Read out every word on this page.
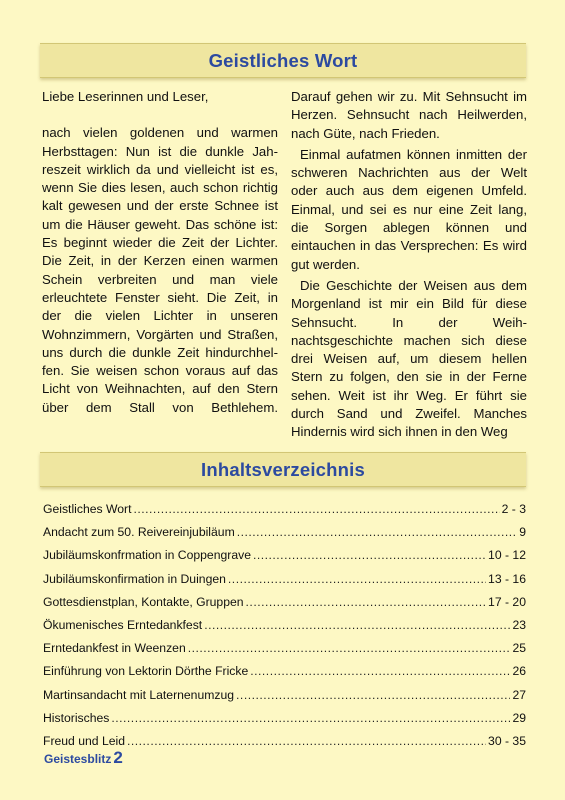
Geistliches Wort

Liebe Leserinnen und Leser,

nach vielen goldenen und warmen Herbsttagen: Nun ist die dunkle Jahreszeit wirklich da und vielleicht ist es, wenn Sie dies lesen, auch schon richtig kalt gewesen und der erste Schnee ist um die Häuser geweht. Das schöne ist: Es beginnt wieder die Zeit der Lichter. Die Zeit, in der Kerzen einen warmen Schein verbreiten und man viele erleuchtete Fenster sieht. Die Zeit, in der die vielen Lichter in unseren Wohnzimmern, Vorgärten und Straßen, uns durch die dunkle Zeit hindurchhelfen. Sie weisen schon voraus auf das Licht von Weihnachten, auf den Stern über dem Stall von Bethlehem.

Darauf gehen wir zu. Mit Sehnsucht im Herzen. Sehnsucht nach Heilwerden, nach Güte, nach Frieden.

Einmal aufatmen können inmitten der schweren Nachrichten aus der Welt oder auch aus dem eigenen Umfeld. Einmal, und sei es nur eine Zeit lang, die Sorgen ablegen können und eintauchen in das Versprechen: Es wird gut werden.

Die Geschichte der Weisen aus dem Morgenland ist mir ein Bild für diese Sehnsucht. In der Weihnachtsgeschichte machen sich diese drei Weisen auf, um diesem hellen Stern zu folgen, den sie in der Ferne sehen. Weit ist ihr Weg. Er führt sie durch Sand und Zweifel. Manches Hindernis wird sich ihnen in den Weg

Inhaltsverzeichnis
Geistliches Wort .....	2 - 3
Andacht zum 50. Reivereinjubiläum .....	9
Jubiläumskonfrmation in Coppengrave .....	10 - 12
Jubiläumskonfirmation in Duingen .....	13 - 16
Gottesdienstplan, Kontakte, Gruppen .....	17 - 20
Ökumenisches Erntedankfest .....	23
Erntedankfest in Weenzen .....	25
Einführung von Lektorin Dörthe Fricke .....	26
Martinsandacht mit Laternenumzug .....	27
Historisches .....	29
Freud und Leid .....	30 - 35
Geistesblitz 2
